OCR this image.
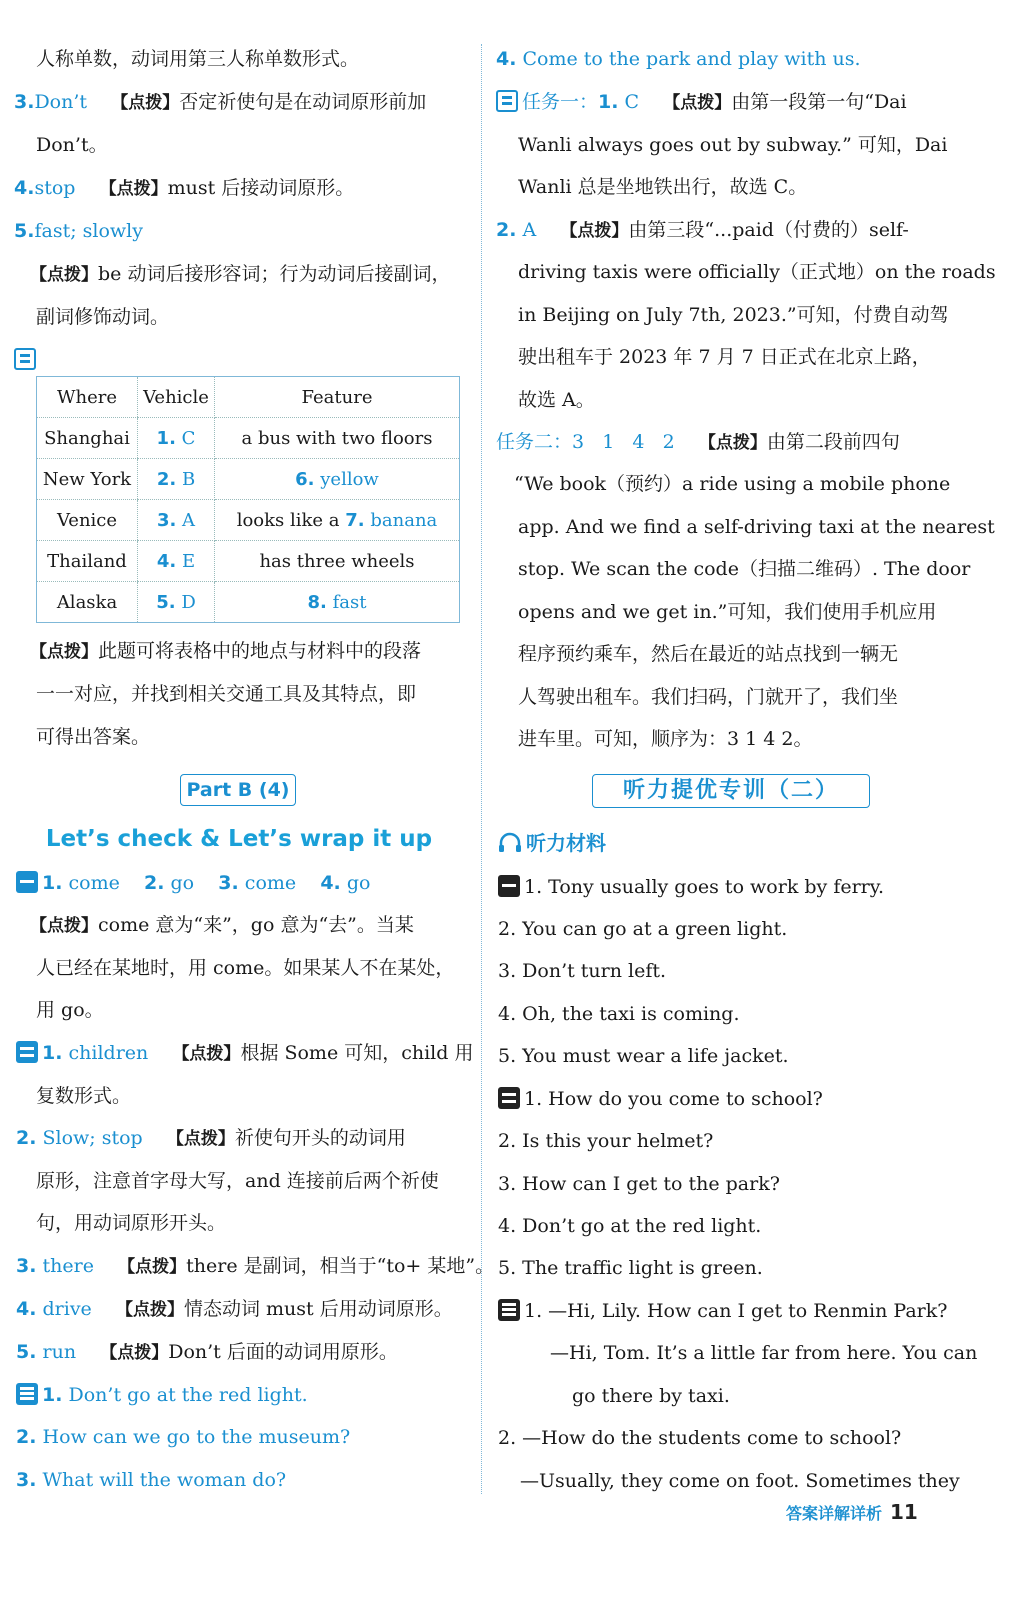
人称单数，动词用第三人称单数形式。
3.Don’t 【点拨】否定祈使句是在动词原形前加
Don’t。
4.stop 【点拨】must 后接动词原形。
5.fast; slowly
【点拨】be 动词后接形容词；行为动词后接副词，
副词修饰动词。
Where	Vehicle	Feature
Shanghai	1. C	a bus with two floors
New York	2. B	6. yellow
Venice	3. A	looks like a 7. banana
Thailand	4. E	has three wheels
Alaska	5. D	8. fast
【点拨】此题可将表格中的地点与材料中的段落
一一对应，并找到相关交通工具及其特点，即
可得出答案。
Part B (4)
Let’s check & Let’s wrap it up
1. come 2. go 3. come 4. go
【点拨】come 意为“来”，go 意为“去”。当某
人已经在某地时，用 come。如果某人不在某处，
用 go。
1. children 【点拨】根据 Some 可知，child 用
复数形式。
2. Slow; stop 【点拨】祈使句开头的动词用
原形，注意首字母大写，and 连接前后两个祈使
句，用动词原形开头。
3. there 【点拨】there 是副词，相当于“to+ 某地”。
4. drive 【点拨】情态动词 must 后用动词原形。
5. run 【点拨】Don’t 后面的动词用原形。
1. Don’t go at the red light.
2. How can we go to the museum?
3. What will the woman do?
4. Come to the park and play with us.
任务一：1. C 【点拨】由第一段第一句“Dai
Wanli always goes out by subway.” 可知，Dai
Wanli 总是坐地铁出行，故选 C。
2. A 【点拨】由第三段“...paid（付费的）self-
driving taxis were officially（正式地）on the roads
in Beijing on July 7th, 2023.”可知，付费自动驾
驶出租车于 2023 年 7 月 7 日正式在北京上路，
故选 A。
任务二：3   1   4   2 【点拨】由第二段前四句
“We book（预约）a ride using a mobile phone
app. And we find a self-driving taxi at the nearest
stop. We scan the code（扫描二维码）. The door
opens and we get in.”可知，我们使用手机应用
程序预约乘车，然后在最近的站点找到一辆无
人驾驶出租车。我们扫码，门就开了，我们坐
进车里。可知，顺序为：3 1 4 2。
听力提优专训（二）
听力材料
1. Tony usually goes to work by ferry.
2. You can go at a green light.
3. Don’t turn left.
4. Oh, the taxi is coming.
5. You must wear a life jacket.
1. How do you come to school?
2. Is this your helmet?
3. How can I get to the park?
4. Don’t go at the red light.
5. The traffic light is green.
1. —Hi, Lily. How can I get to Renmin Park?
—Hi, Tom. It’s a little far from here. You can
go there by taxi.
2. —How do the students come to school?
—Usually, they come on foot. Sometimes they
答案详解详析 11
